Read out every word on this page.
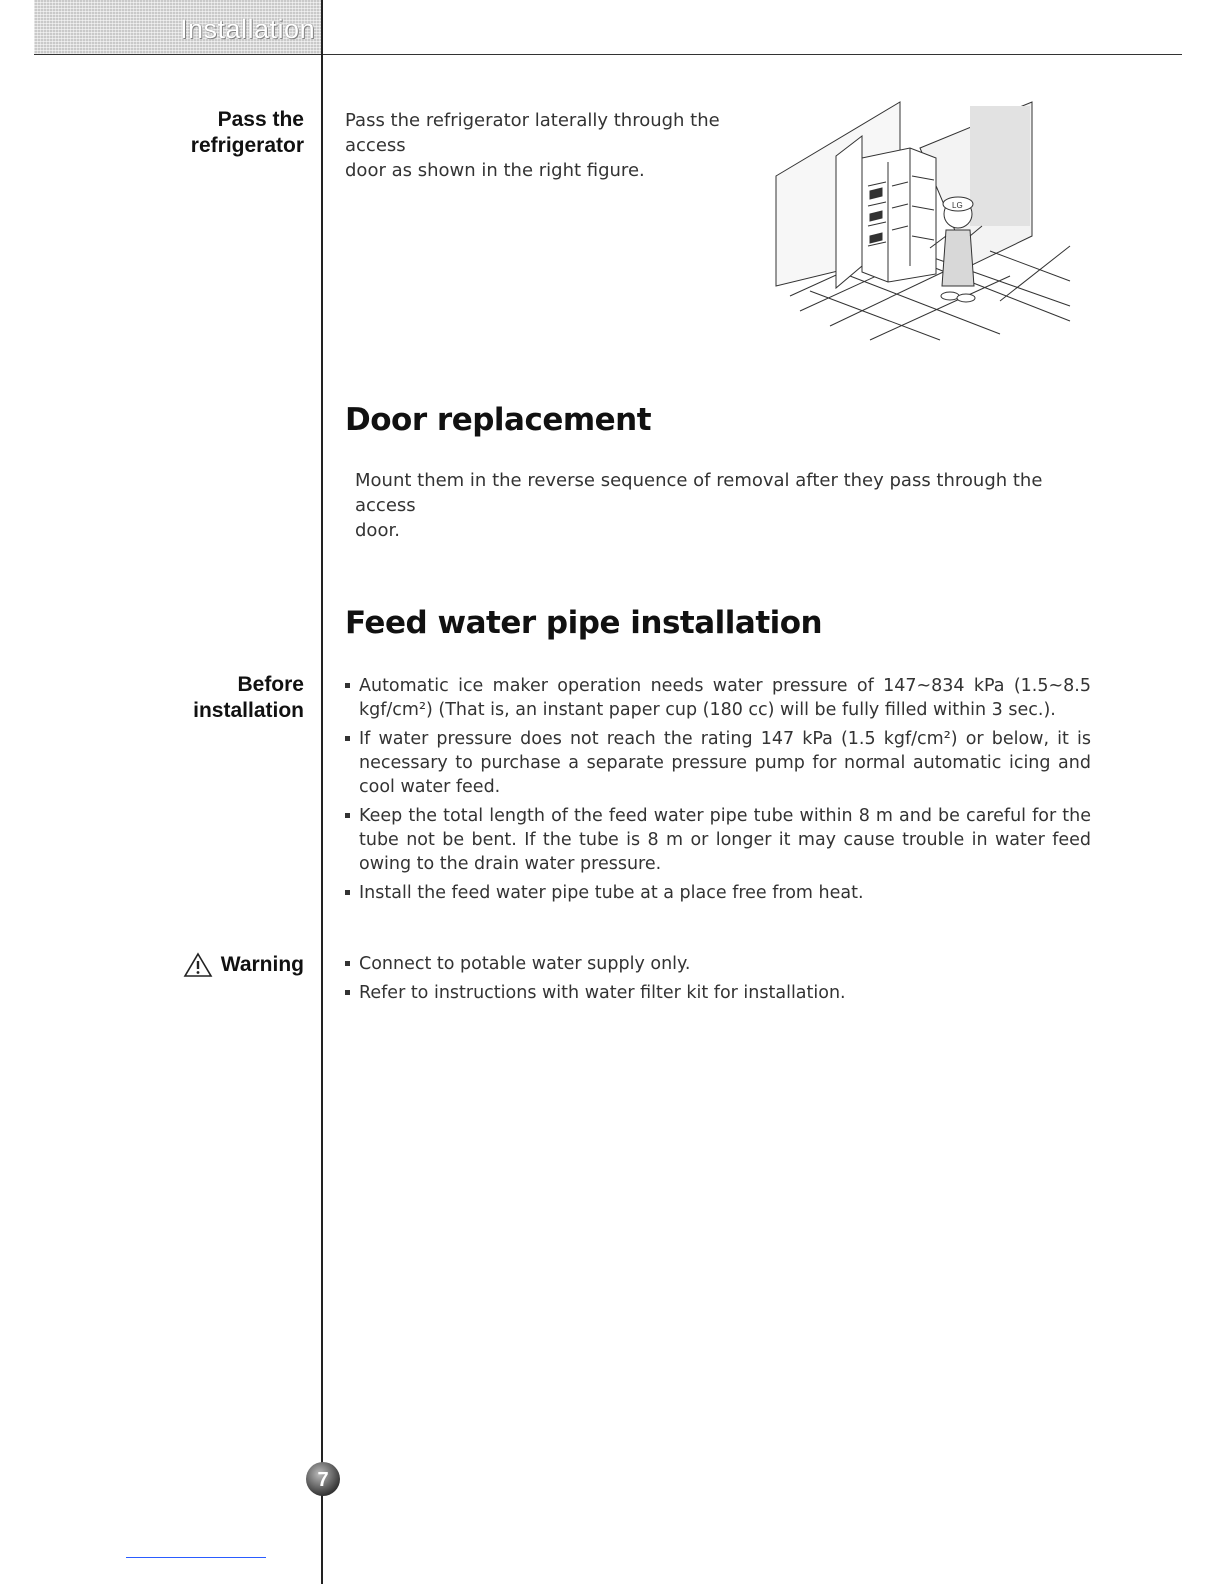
Installation
Pass the
refrigerator
Pass the refrigerator laterally through the access
door as shown in the right figure.
LG
Door replacement
Mount them in the reverse sequence of removal after they pass through the access
door.
Feed water pipe installation
Before
installation
Automatic ice maker operation needs water pressure of 147~834 kPa (1.5~8.5 kgf/cm²) (That is, an instant paper cup (180 cc) will be fully filled within 3 sec.).
If water pressure does not reach the rating 147 kPa (1.5 kgf/cm²) or below, it is necessary to purchase a separate pressure pump for normal automatic icing and cool water feed.
Keep the total length of the feed water pipe tube within 8 m and be careful for the tube not be bent. If the tube is 8 m or longer it may cause trouble in water feed owing to the drain water pressure.
Install the feed water pipe tube at a place free from heat.
Warning	Connect to potable water supply only.
Refer to instructions with water filter kit for installation.
7
